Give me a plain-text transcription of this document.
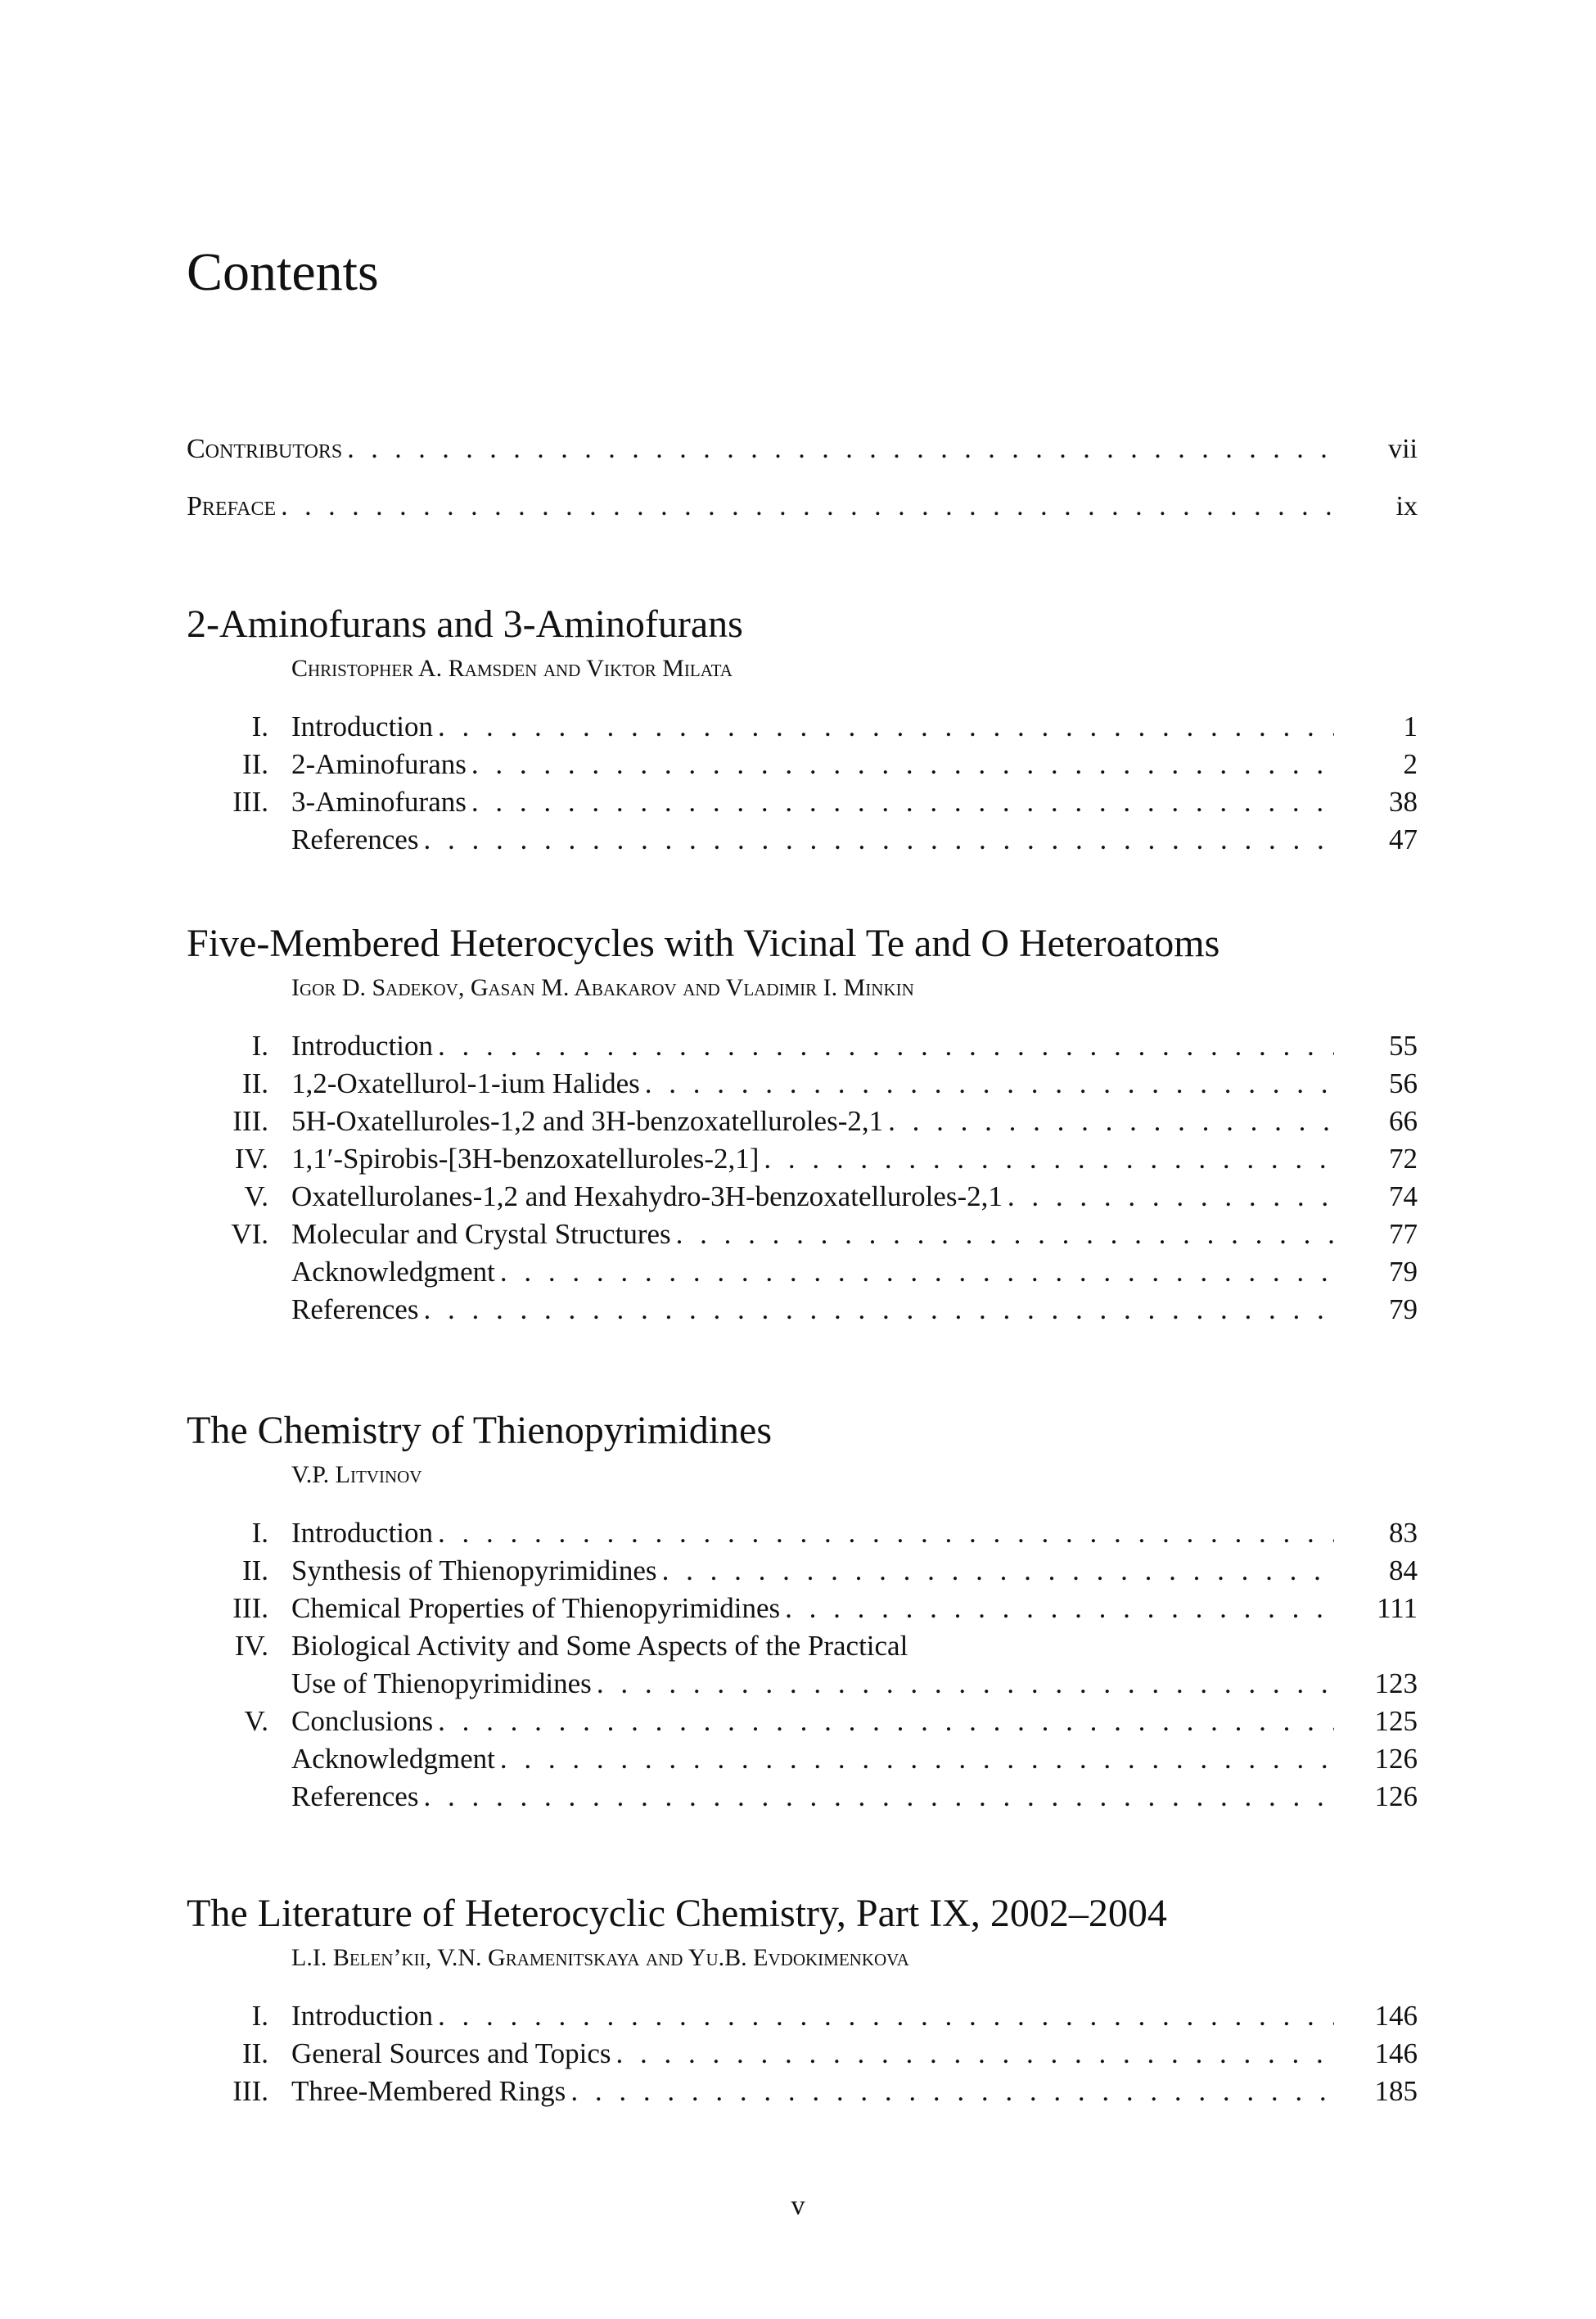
Contents
Contributors . . .	vii
Preface . . .	ix
2-Aminofurans and 3-Aminofurans
Christopher A. Ramsden and Viktor Milata
I. Introduction . . .	1
II. 2-Aminofurans . . .	2
III. 3-Aminofurans . . .	38
References . . .	47
Five-Membered Heterocycles with Vicinal Te and O Heteroatoms
Igor D. Sadekov, Gasan M. Abakarov and Vladimir I. Minkin
I. Introduction . . .	55
II. 1,2-Oxatellurol-1-ium Halides . . .	56
III. 5H-Oxatelluroles-1,2 and 3H-benzoxatelluroles-2,1 . . .	66
IV. 1,1′-Spirobis-[3H-benzoxatelluroles-2,1] . . .	72
V. Oxatellurolanes-1,2 and Hexahydro-3H-benzoxatelluroles-2,1 . . .	74
VI. Molecular and Crystal Structures . . .	77
Acknowledgment . . .	79
References . . .	79
The Chemistry of Thienopyrimidines
V.P. Litvinov
I. Introduction . . .	83
II. Synthesis of Thienopyrimidines . . .	84
III. Chemical Properties of Thienopyrimidines . . .	111
IV. Biological Activity and Some Aspects of the Practical
Use of Thienopyrimidines . . .	123
V. Conclusions . . .	125
Acknowledgment . . .	126
References . . .	126
The Literature of Heterocyclic Chemistry, Part IX, 2002–2004
L.I. Belen’kii, V.N. Gramenitskaya and Yu.B. Evdokimenkova
I. Introduction . . .	146
II. General Sources and Topics . . .	146
III. Three-Membered Rings . . .	185
v
